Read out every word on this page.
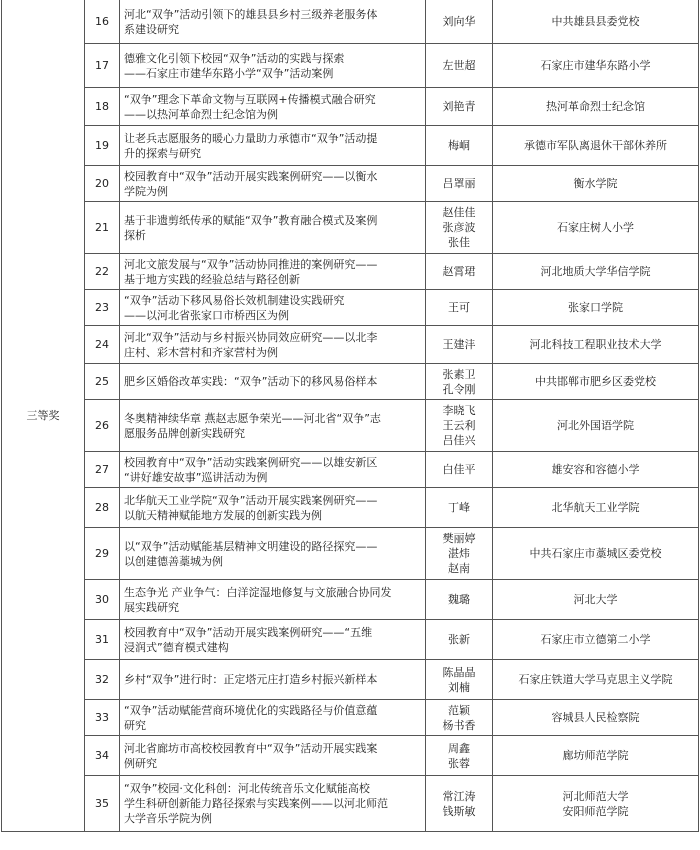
三等奖	16	河北“双争”活动引领下的雄县县乡村三级养老服务体
系建设研究	刘向华	中共雄县县委党校

	17	德雅文化引领下校园“双争”活动的实践与探索
——石家庄市建华东路小学“双争”活动案例	左世超	石家庄市建华东路小学

	18	“双争”理念下革命文物与互联网+传播模式融合研究
——以热河革命烈士纪念馆为例	刘艳青	热河革命烈士纪念馆

	19	让老兵志愿服务的暖心力量助力承德市“双争”活动提
升的探索与研究	梅峒	承德市军队离退休干部休养所

	20	校园教育中“双争”活动开展实践案例研究——以衡水
学院为例	吕罩丽	衡水学院

	21	基于非遗剪纸传承的赋能“双争”教育融合模式及案例
探析	赵佳佳
张彦波
张佳	石家庄树人小学

	22	河北文旅发展与“双争”活动协同推进的案例研究——
基于地方实践的经验总结与路径创新	赵霄珺	河北地质大学华信学院

	23	“双争”活动下移风易俗长效机制建设实践研究
——以河北省张家口市桥西区为例	王可	张家口学院

	24	河北“双争”活动与乡村振兴协同效应研究——以北李
庄村、彩木营村和齐家营村为例	王建沣	河北科技工程职业技术大学

	25	肥乡区婚俗改革实践：“双争”活动下的移风易俗样本	张素卫
孔令刚	中共邯郸市肥乡区委党校

	26	冬奥精神续华章 燕赵志愿争荣光——河北省“双争”志
愿服务品牌创新实践研究	李晓飞
王云利
吕佳兴	河北外国语学院

	27	校园教育中“双争”活动实践案例研究——以雄安新区
“讲好雄安故事”巡讲活动为例	白佳平	雄安容和容德小学

	28	北华航天工业学院“双争”活动开展实践案例研究——
以航天精神赋能地方发展的创新实践为例	丁峰	北华航天工业学院

	29	以“双争”活动赋能基层精神文明建设的路径探究——
以创建德善藁城为例	樊丽婷
湛炜
赵南	中共石家庄市藁城区委党校

	30	生态争光 产业争气：白洋淀湿地修复与文旅融合协同发
展实践研究	魏璐	河北大学

	31	校园教育中“双争”活动开展实践案例研究——“五维
浸润式”德育模式建构	张新	石家庄市立德第二小学

	32	乡村“双争”进行时：正定塔元庄打造乡村振兴新样本	陈晶晶
刘楠	石家庄铁道大学马克思主义学院

	33	“双争”活动赋能营商环境优化的实践路径与价值意蕴
研究	范颖
杨书香	容城县人民检察院

	34	河北省廊坊市高校校园教育中“双争”活动开展实践案
例研究	周鑫
张蓉	廊坊师范学院

	35	“双争”校园·文化科创：河北传统音乐文化赋能高校
学生科研创新能力路径探索与实践案例——以河北师范
大学音乐学院为例	常江涛
钱斯敏	河北师范大学
安阳师范学院
